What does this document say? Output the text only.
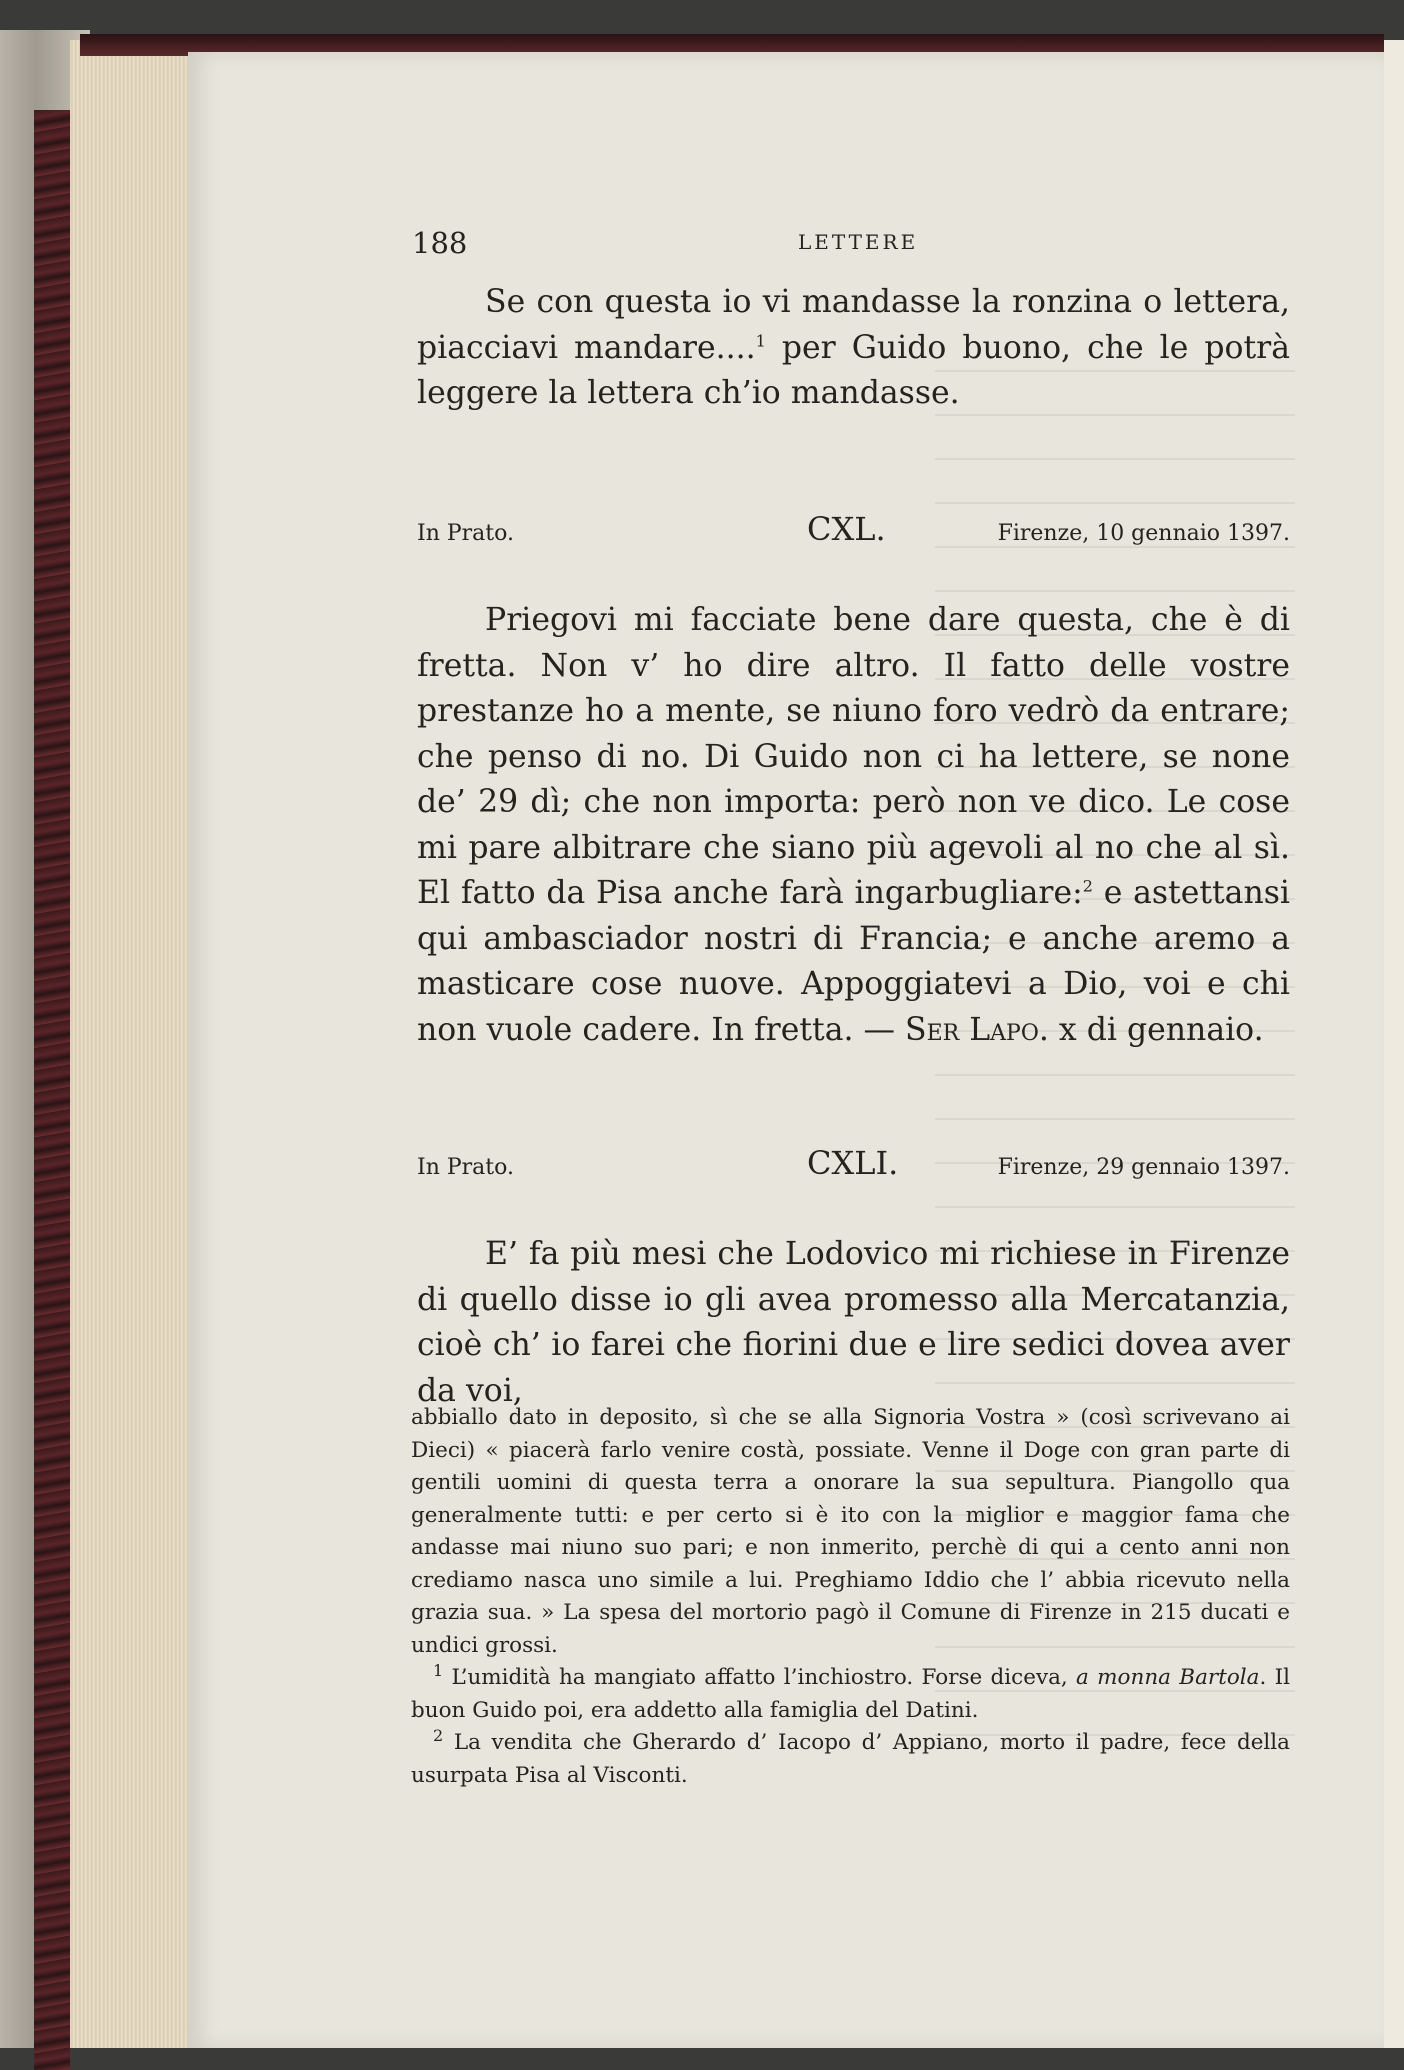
188	LETTERE

Se con questa io vi mandasse la ronzina o lettera, piacciavi mandare....$^1$ per Guido buono, che le potrà leggere la lettera ch’io mandasse.

In Prato.	CXL.	Firenze, 10 gennaio 1397.

Priegovi mi facciate bene dare questa, che è di fretta. Non v’ ho dire altro. Il fatto delle vostre prestanze ho a mente, se niuno foro vedrò da entrare; che penso di no. Di Guido non ci ha lettere, se none de’ 29 dì; che non importa: però non ve dico. Le cose mi pare albitrare che siano più agevoli al no che al sì. El fatto da Pisa anche farà ingarbugliare:$^2$ e astettansi qui ambasciador nostri di Francia; e anche aremo a masticare cose nuove. Appoggiatevi a Dio, voi e chi non vuole cadere. In fretta. — Ser Lapo. x di gennaio.

In Prato.	CXLI.	Firenze, 29 gennaio 1397.

E’ fa più mesi che Lodovico mi richiese in Firenze di quello disse io gli avea promesso alla Mercatanzia, cioè ch’ io farei che fiorini due e lire sedici dovea aver da voi,

abbiallo dato in deposito, sì che se alla Signoria Vostra » (così scrivevano ai Dieci) « piacerà farlo venire costà, possiate. Venne il Doge con gran parte di gentili uomini di questa terra a onorare la sua sepultura. Piangollo qua generalmente tutti: e per certo si è ito con la miglior e maggior fama che andasse mai niuno suo pari; e non inmerito, perchè di qui a cento anni non crediamo nasca uno simile a lui. Preghiamo Iddio che l’ abbia ricevuto nella grazia sua. » La spesa del mortorio pagò il Comune di Firenze in 215 ducati e undici grossi.

$^1$ L’umidità ha mangiato affatto l’inchiostro. Forse diceva, a monna Bartola. Il buon Guido poi, era addetto alla famiglia del Datini.

$^2$ La vendita che Gherardo d’ Iacopo d’ Appiano, morto il padre, fece della usurpata Pisa al Visconti.
